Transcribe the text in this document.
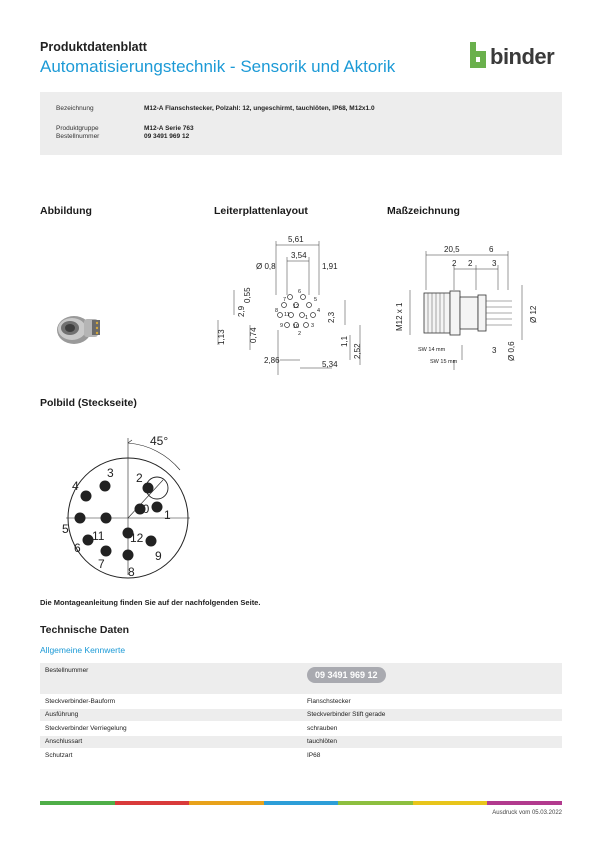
Produktdatenblatt
Automatisierungstechnik - Sensorik und Aktorik	binder
Bezeichnung	M12-A Flanschstecker, Polzahl: 12, ungeschirmt, tauchlöten, IP68, M12x1.0
Produktgruppe	M12-A Serie 763
Bestellnummer	09 3491 969 12
Abbildung	Leiterplattenlayout	Maßzeichnung
5,61
3,54
Ø 0,8	1,91
0,55
2,9
0,74
1,13
2,3
1,1
2,52
2,86	5,34
6
7	5
8	4
9	3
11
10
12
1
2
20,5	6
2 2 3
M12 x 1	Ø 12
3 Ø 0,6
SW 14 mm
SW 15 mm
Polbild (Steckseite)
1
2
3
4
5
6
7
8
9
10
11 12
45°
Die Montageanleitung finden Sie auf der nachfolgenden Seite.
Technische Daten
Allgemeine Kennwerte
Bestellnummer	09 3491 969 12
Steckverbinder-Bauform	Flanschstecker
Ausführung	Steckverbinder Stift gerade
Steckverbinder Verriegelung	schrauben
Anschlussart	tauchlöten
Schutzart	IP68
Ausdruck vom 05.03.2022
